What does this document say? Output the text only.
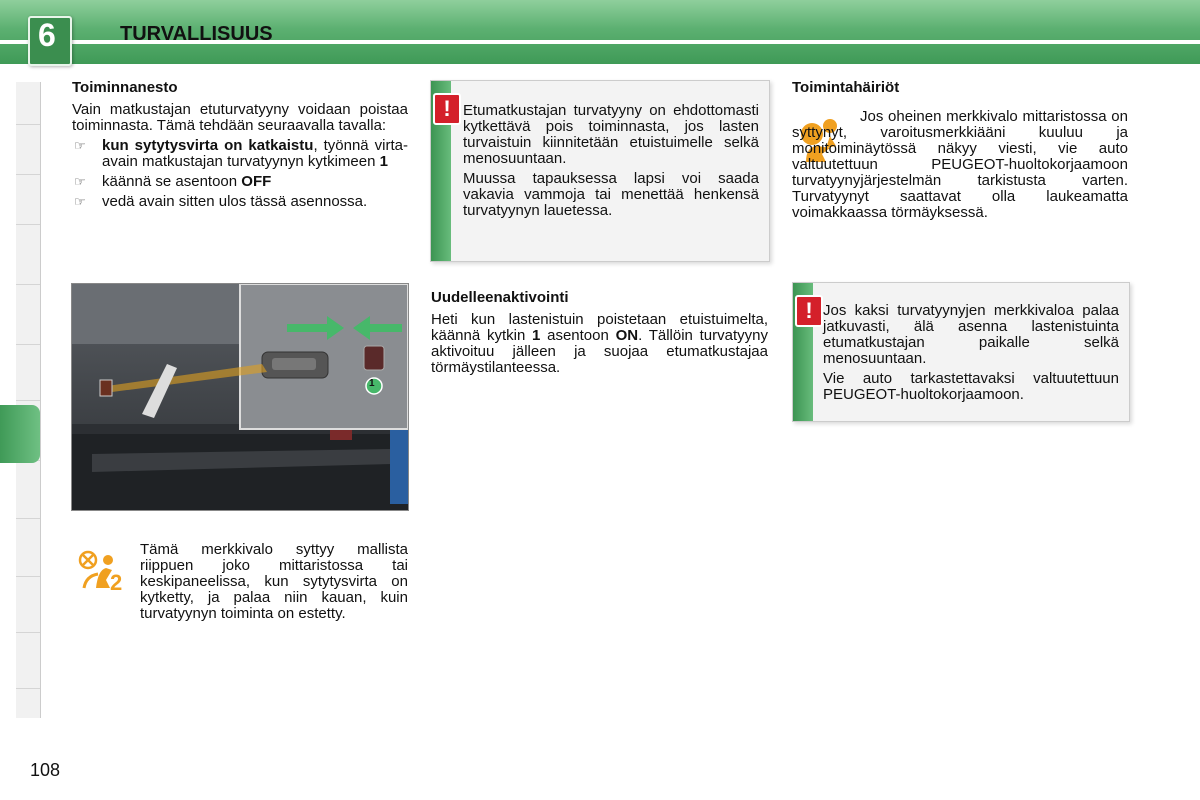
6	TURVALLISUUS
Toiminnanesto

Vain matkustajan etuturvatyyny voidaan poistaa toiminnasta. Tämä tehdään seuraavalla tavalla:

☞ kun sytytysvirta on katkaistu, työnnä virta-avain matkustajan turvatyynyn kytkimeen 1
☞ käännä se asentoon OFF
☞ vedä avain sitten ulos tässä asennossa.
1
2

Tämä merkkivalo syttyy mallista riippuen joko mittaristossa tai keskipaneelissa, kun sytytysvirta on kytketty, ja palaa niin kauan, kuin turvatyynyn toiminta on estetty.

! Etumatkustajan turvatyyny on ehdottomasti kytkettävä pois toiminnasta, jos lasten turvaistuin kiinnitetään etuistuimelle selkä menosuuntaan.

Muussa tapauksessa lapsi voi saada vakavia vammoja tai menettää henkensä turvatyynyn lauetessa.

Uudelleenaktivointi

Heti kun lastenistuin poistetaan etuistuimelta, käännä kytkin 1 asentoon ON. Tällöin turvatyyny aktivoituu jälleen ja suojaa etumatkustajaa törmäystilanteessa.

Toimintahäiriöt

Jos oheinen merkkivalo mittaristossa on syttynyt, varoitusmerkkiääni kuuluu ja monitoiminäytössä näkyy viesti, vie auto valtuutettuun PEUGEOT-huoltokorjaamoon turvatyynyjärjestelmän tarkistusta varten. Turvatyynyt saattavat olla laukeamatta voimakkaassa törmäyksessä.

! Jos kaksi turvatyynyjen merkkivaloa palaa jatkuvasti, älä asenna lastenistuinta etumatkustajan paikalle selkä menosuuntaan.

Vie auto tarkastettavaksi valtuutettuun PEUGEOT-huoltokorjaamoon.

108
